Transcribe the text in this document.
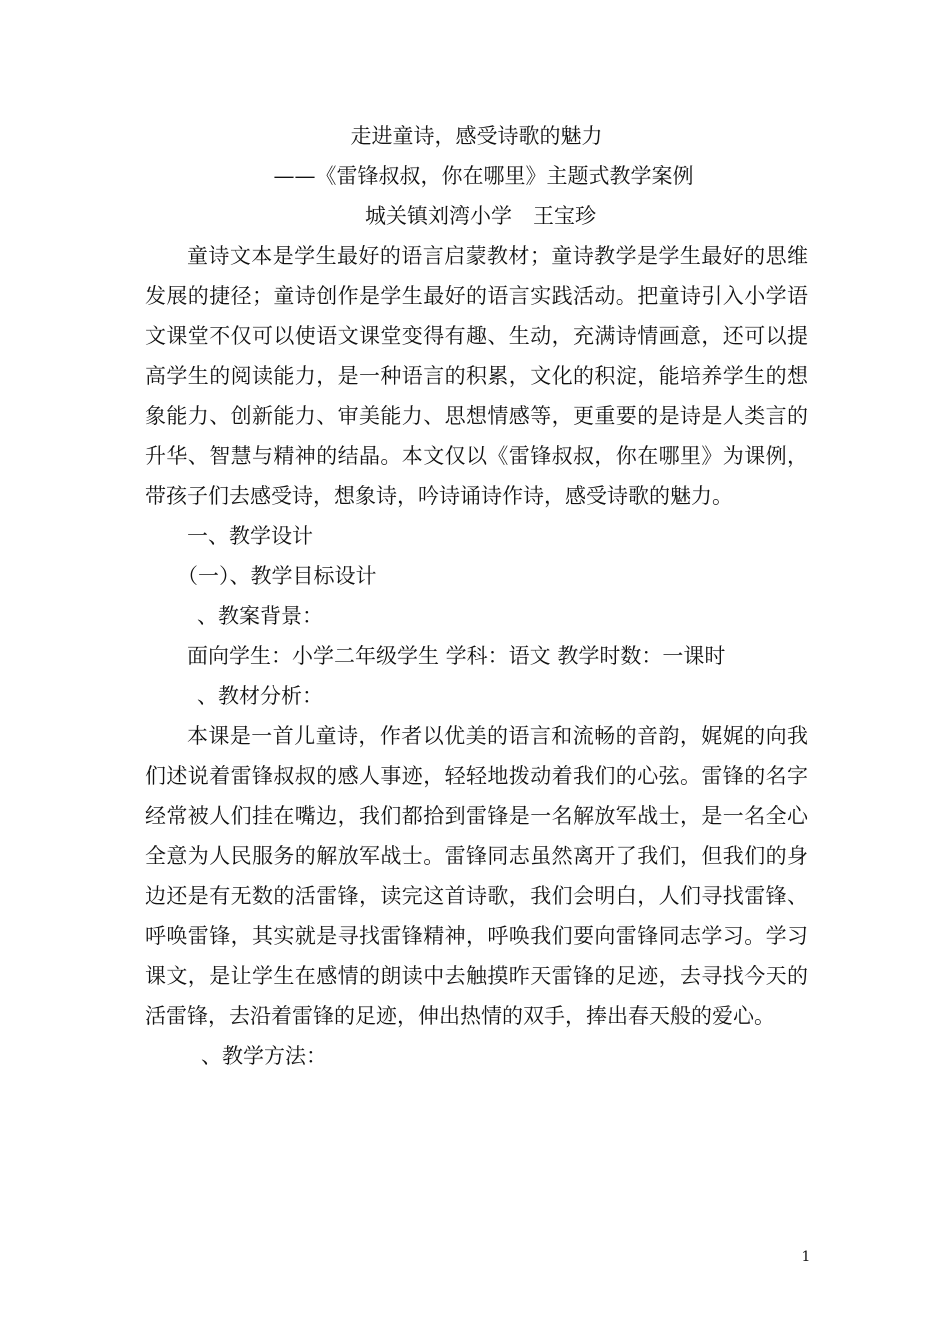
走进童诗，感受诗歌的魅力
——《雷锋叔叔，你在哪里》主题式教学案例
城关镇刘湾小学　王宝珍

童诗文本是学生最好的语言启蒙教材；童诗教学是学生最好的思维发展的捷径；童诗创作是学生最好的语言实践活动。把童诗引入小学语文课堂不仅可以使语文课堂变得有趣、生动，充满诗情画意，还可以提高学生的阅读能力，是一种语言的积累，文化的积淀，能培养学生的想象能力、创新能力、审美能力、思想情感等，更重要的是诗是人类言的升华、智慧与精神的结晶。本文仅以《雷锋叔叔，你在哪里》为课例，带孩子们去感受诗，想象诗，吟诗诵诗作诗，感受诗歌的魅力。

一、教学设计

（一）、教学目标设计

、教案背景：

面向学生：小学二年级学生 学科：语文 教学时数：一课时

、教材分析：

本课是一首儿童诗，作者以优美的语言和流畅的音韵，娓娓的向我们述说着雷锋叔叔的感人事迹，轻轻地拨动着我们的心弦。雷锋的名字经常被人们挂在嘴边，我们都拾到雷锋是一名解放军战士，是一名全心全意为人民服务的解放军战士。雷锋同志虽然离开了我们，但我们的身边还是有无数的活雷锋，读完这首诗歌，我们会明白，人们寻找雷锋、呼唤雷锋，其实就是寻找雷锋精神，呼唤我们要向雷锋同志学习。学习课文，是让学生在感情的朗读中去触摸昨天雷锋的足迹，去寻找今天的活雷锋，去沿着雷锋的足迹，伸出热情的双手，捧出春天般的爱心。

、教学方法：

1
